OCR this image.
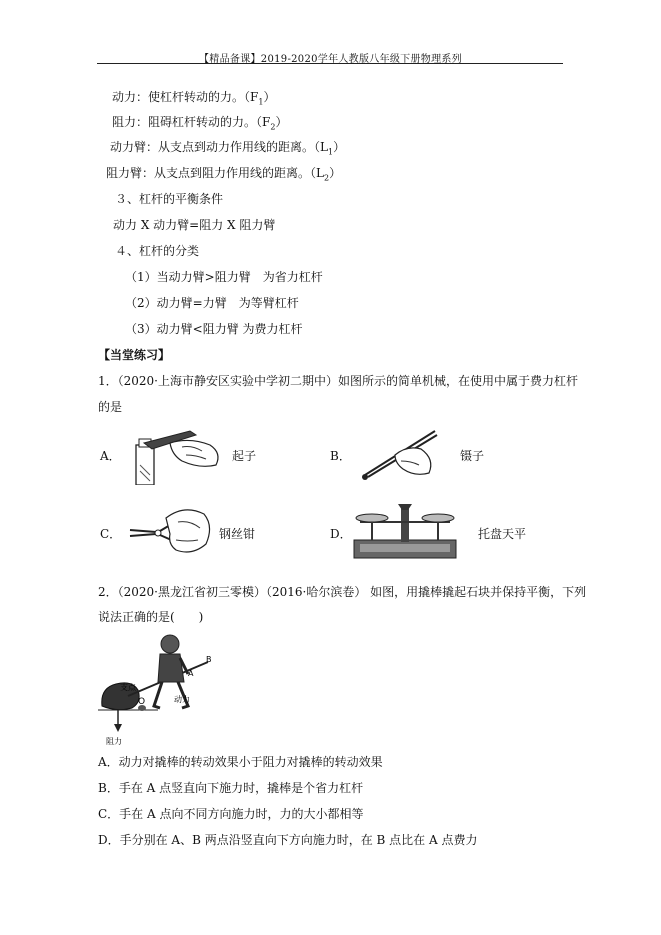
【精品备课】2019-2020学年人教版八年级下册物理系列
动力：使杠杆转动的力。$(F_1)$
阻力：阻碍杠杆转动的力。$(F_2)$
动力臂：从支点到动力作用线的距离。$(L_1)$
阻力臂：从支点到阻力作用线的距离。$(L_2)$
３、杠杆的平衡条件
动力 X 动力臂=阻力 X 阻力臂
４、杠杆的分类
（1）当动力臂>阻力臂　为省力杠杆
（2）动力臂=力臂　为等臂杠杆
（3）动力臂<阻力臂 为费力杠杆
【当堂练习】
1．（2020·上海市静安区实验中学初二期中）如图所示的简单机械，在使用中属于费力杠杆
的是
A．	起子	B．	镊子
C．	钢丝钳	D．	托盘天平
2．（2020·黑龙江省初三零模）（2016·哈尔滨卷） 如图，用撬棒撬起石块并保持平衡，下列
说法正确的是(　　)
阻力
支点
O
A
B
动力
A．动力对撬棒的转动效果小于阻力对撬棒的转动效果
B．手在 A 点竖直向下施力时，撬棒是个省力杠杆
C．手在 A 点向不同方向施力时，力的大小都相等
D．手分别在 A、B 两点沿竖直向下方向施力时，在 B 点比在 A 点费力
